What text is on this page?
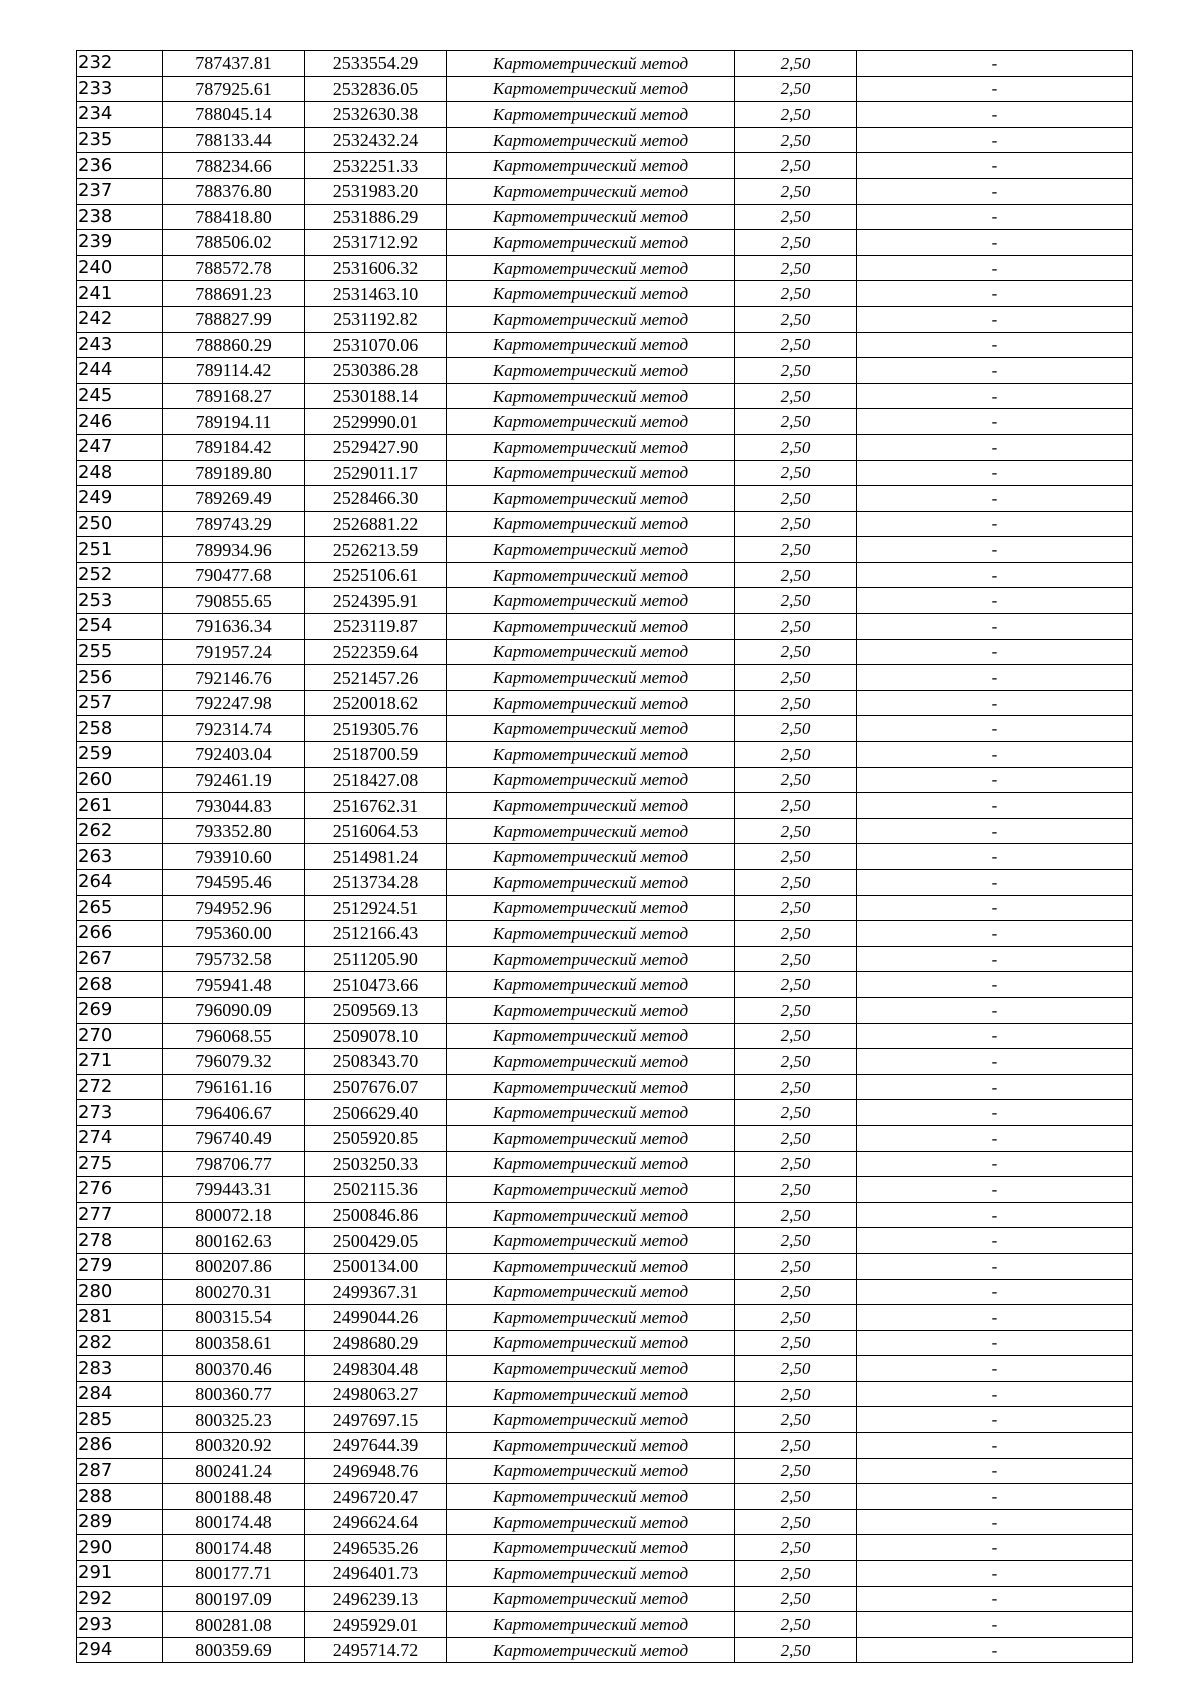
232	787437.81	2533554.29	Картометрический метод	2,50	-
233	787925.61	2532836.05	Картометрический метод	2,50	-
234	788045.14	2532630.38	Картометрический метод	2,50	-
235	788133.44	2532432.24	Картометрический метод	2,50	-
236	788234.66	2532251.33	Картометрический метод	2,50	-
237	788376.80	2531983.20	Картометрический метод	2,50	-
238	788418.80	2531886.29	Картометрический метод	2,50	-
239	788506.02	2531712.92	Картометрический метод	2,50	-
240	788572.78	2531606.32	Картометрический метод	2,50	-
241	788691.23	2531463.10	Картометрический метод	2,50	-
242	788827.99	2531192.82	Картометрический метод	2,50	-
243	788860.29	2531070.06	Картометрический метод	2,50	-
244	789114.42	2530386.28	Картометрический метод	2,50	-
245	789168.27	2530188.14	Картометрический метод	2,50	-
246	789194.11	2529990.01	Картометрический метод	2,50	-
247	789184.42	2529427.90	Картометрический метод	2,50	-
248	789189.80	2529011.17	Картометрический метод	2,50	-
249	789269.49	2528466.30	Картометрический метод	2,50	-
250	789743.29	2526881.22	Картометрический метод	2,50	-
251	789934.96	2526213.59	Картометрический метод	2,50	-
252	790477.68	2525106.61	Картометрический метод	2,50	-
253	790855.65	2524395.91	Картометрический метод	2,50	-
254	791636.34	2523119.87	Картометрический метод	2,50	-
255	791957.24	2522359.64	Картометрический метод	2,50	-
256	792146.76	2521457.26	Картометрический метод	2,50	-
257	792247.98	2520018.62	Картометрический метод	2,50	-
258	792314.74	2519305.76	Картометрический метод	2,50	-
259	792403.04	2518700.59	Картометрический метод	2,50	-
260	792461.19	2518427.08	Картометрический метод	2,50	-
261	793044.83	2516762.31	Картометрический метод	2,50	-
262	793352.80	2516064.53	Картометрический метод	2,50	-
263	793910.60	2514981.24	Картометрический метод	2,50	-
264	794595.46	2513734.28	Картометрический метод	2,50	-
265	794952.96	2512924.51	Картометрический метод	2,50	-
266	795360.00	2512166.43	Картометрический метод	2,50	-
267	795732.58	2511205.90	Картометрический метод	2,50	-
268	795941.48	2510473.66	Картометрический метод	2,50	-
269	796090.09	2509569.13	Картометрический метод	2,50	-
270	796068.55	2509078.10	Картометрический метод	2,50	-
271	796079.32	2508343.70	Картометрический метод	2,50	-
272	796161.16	2507676.07	Картометрический метод	2,50	-
273	796406.67	2506629.40	Картометрический метод	2,50	-
274	796740.49	2505920.85	Картометрический метод	2,50	-
275	798706.77	2503250.33	Картометрический метод	2,50	-
276	799443.31	2502115.36	Картометрический метод	2,50	-
277	800072.18	2500846.86	Картометрический метод	2,50	-
278	800162.63	2500429.05	Картометрический метод	2,50	-
279	800207.86	2500134.00	Картометрический метод	2,50	-
280	800270.31	2499367.31	Картометрический метод	2,50	-
281	800315.54	2499044.26	Картометрический метод	2,50	-
282	800358.61	2498680.29	Картометрический метод	2,50	-
283	800370.46	2498304.48	Картометрический метод	2,50	-
284	800360.77	2498063.27	Картометрический метод	2,50	-
285	800325.23	2497697.15	Картометрический метод	2,50	-
286	800320.92	2497644.39	Картометрический метод	2,50	-
287	800241.24	2496948.76	Картометрический метод	2,50	-
288	800188.48	2496720.47	Картометрический метод	2,50	-
289	800174.48	2496624.64	Картометрический метод	2,50	-
290	800174.48	2496535.26	Картометрический метод	2,50	-
291	800177.71	2496401.73	Картометрический метод	2,50	-
292	800197.09	2496239.13	Картометрический метод	2,50	-
293	800281.08	2495929.01	Картометрический метод	2,50	-
294	800359.69	2495714.72	Картометрический метод	2,50	-
